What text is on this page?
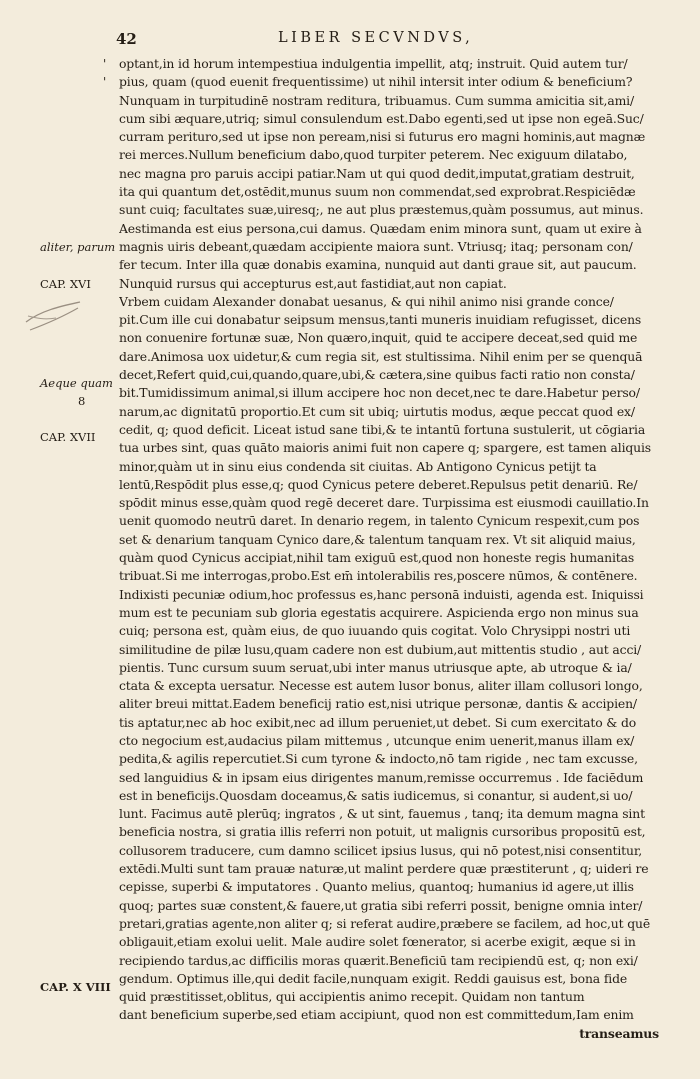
42	LIBER SECVNDVS,
'
'
aliter, parum
CAP. XVI
Aeque quam
8
CAP. XVII
CAP. X VIII
optant,in id horum intempestiua indulgentia impellit, atq; instruit. Quid autem tur/
pius, quam (quod euenit frequentissime) ut nihil intersit inter odium & beneficium?
Nunquam in turpitudinē nostram reditura, tribuamus. Cum summa amicitia sit,ami/
cum sibi æquare,utriq; simul consulendum est.Dabo egenti,sed ut ipse non egeā.Suc/
curram perituro,sed ut ipse non peream,nisi si futurus ero magni hominis,aut magnæ
rei merces.Nullum beneficium dabo,quod turpiter peterem. Nec exiguum dilatabo,
nec magna pro paruis accipi patiar.Nam ut qui quod dedit,imputat,gratiam destruit,
ita qui quantum det,ostēdit,munus suum non commendat,sed exprobrat.Respiciēdæ
sunt cuiq; facultates suæ,uiresq;, ne aut plus præstemus,quàm possumus, aut minus.
Aestimanda est eius persona,cui damus. Quædam enim minora sunt, quam ut exire à
magnis uiris debeant,quædam accipiente maiora sunt. Vtriusq; itaq; personam con/
fer tecum. Inter illa quæ donabis examina, nunquid aut danti graue sit, aut paucum.
Nunquid rursus qui accepturus est,aut fastidiat,aut non capiat.
Vrbem cuidam Alexander donabat uesanus, & qui nihil animo nisi grande conce/
pit.Cum ille cui donabatur seipsum mensus,tanti muneris inuidiam refugisset, dicens
non conuenire fortunæ suæ, Non quæro,inquit, quid te accipere deceat,sed quid me
dare.Animosa uox uidetur,& cum regia sit, est stultissima. Nihil enim per se quenquā
decet,Refert quid,cui,quando,quare,ubi,& cætera,sine quibus facti ratio non consta/
bit.Tumidissimum animal,si illum accipere hoc non decet,nec te dare.Habetur perso/
narum,ac dignitatū proportio.Et cum sit ubiq; uirtutis modus, æque peccat quod ex/
cedit, q; quod deficit. Liceat istud sane tibi,& te intantū fortuna sustulerit, ut cōgiaria
tua urbes sint, quas quāto maioris animi fuit non capere q; spargere, est tamen aliquis
minor,quàm ut in sinu eius condenda sit ciuitas. Ab Antigono Cynicus petijt ta
lentū,Respōdit plus esse,q; quod Cynicus petere deberet.Repulsus petit denariū. Re/
spōdit minus esse,quàm quod regē deceret dare. Turpissima est eiusmodi cauillatio.In
uenit quomodo neutrū daret. In denario regem, in talento Cynicum respexit,cum pos
set & denarium tanquam Cynico dare,& talentum tanquam rex. Vt sit aliquid maius,
quàm quod Cynicus accipiat,nihil tam exiguū est,quod non honeste regis humanitas
tribuat.Si me interrogas,probo.Est em̄ intolerabilis res,poscere nūmos, & contēnere.
Indixisti pecuniæ odium,hoc professus es,hanc personā induisti, agenda est. Iniquissi
mum est te pecuniam sub gloria egestatis acquirere. Aspicienda ergo non minus sua
cuiq; persona est, quàm eius, de quo iuuando quis cogitat. Volo Chrysippi nostri uti
similitudine de pilæ lusu,quam cadere non est dubium,aut mittentis studio , aut acci/
pientis. Tunc cursum suum seruat,ubi inter manus utriusque apte, ab utroque & ia/
ctata & excepta uersatur. Necesse est autem lusor bonus, aliter illam collusori longo,
aliter breui mittat.Eadem beneficij ratio est,nisi utrique personæ, dantis & accipien/
tis aptatur,nec ab hoc exibit,nec ad illum perueniet,ut debet. Si cum exercitato & do
cto negocium est,audacius pilam mittemus , utcunque enim uenerit,manus illam ex/
pedita,& agilis repercutiet.Si cum tyrone & indocto,nō tam rigide , nec tam excusse,
sed languidius & in ipsam eius dirigentes manum,remisse occurremus . Ide faciēdum
est in beneficijs.Quosdam doceamus,& satis iudicemus, si conantur, si audent,si uo/
lunt. Facimus autē plerūq; ingratos , & ut sint, fauemus , tanq; ita demum magna sint
beneficia nostra, si gratia illis referri non potuit, ut malignis cursoribus propositū est,
collusorem traducere, cum damno scilicet ipsius lusus, qui nō potest,nisi consentitur,
extēdi.Multi sunt tam prauæ naturæ,ut malint perdere quæ præstiterunt , q; uideri re
cepisse, superbi & imputatores . Quanto melius, quantoq; humanius id agere,ut illis
quoq; partes suæ constent,& fauere,ut gratia sibi referri possit, benigne omnia inter/
pretari,gratias agente,non aliter q; si referat audire,præbere se facilem, ad hoc,ut quē
obligauit,etiam exolui uelit. Male audire solet fœnerator, si acerbe exigit, æque si in
recipiendo tardus,ac difficilis moras quærit.Beneficiū tam recipiendū est, q; non exi/
gendum. Optimus ille,qui dedit facile,nunquam exigit. Reddi gauisus est, bona fide
quid præstitisset,oblitus, qui accipientis animo recepit. Quidam non tantum
dant beneficium superbe,sed etiam accipiunt, quod non est committedum,Iam enim
transeamus
